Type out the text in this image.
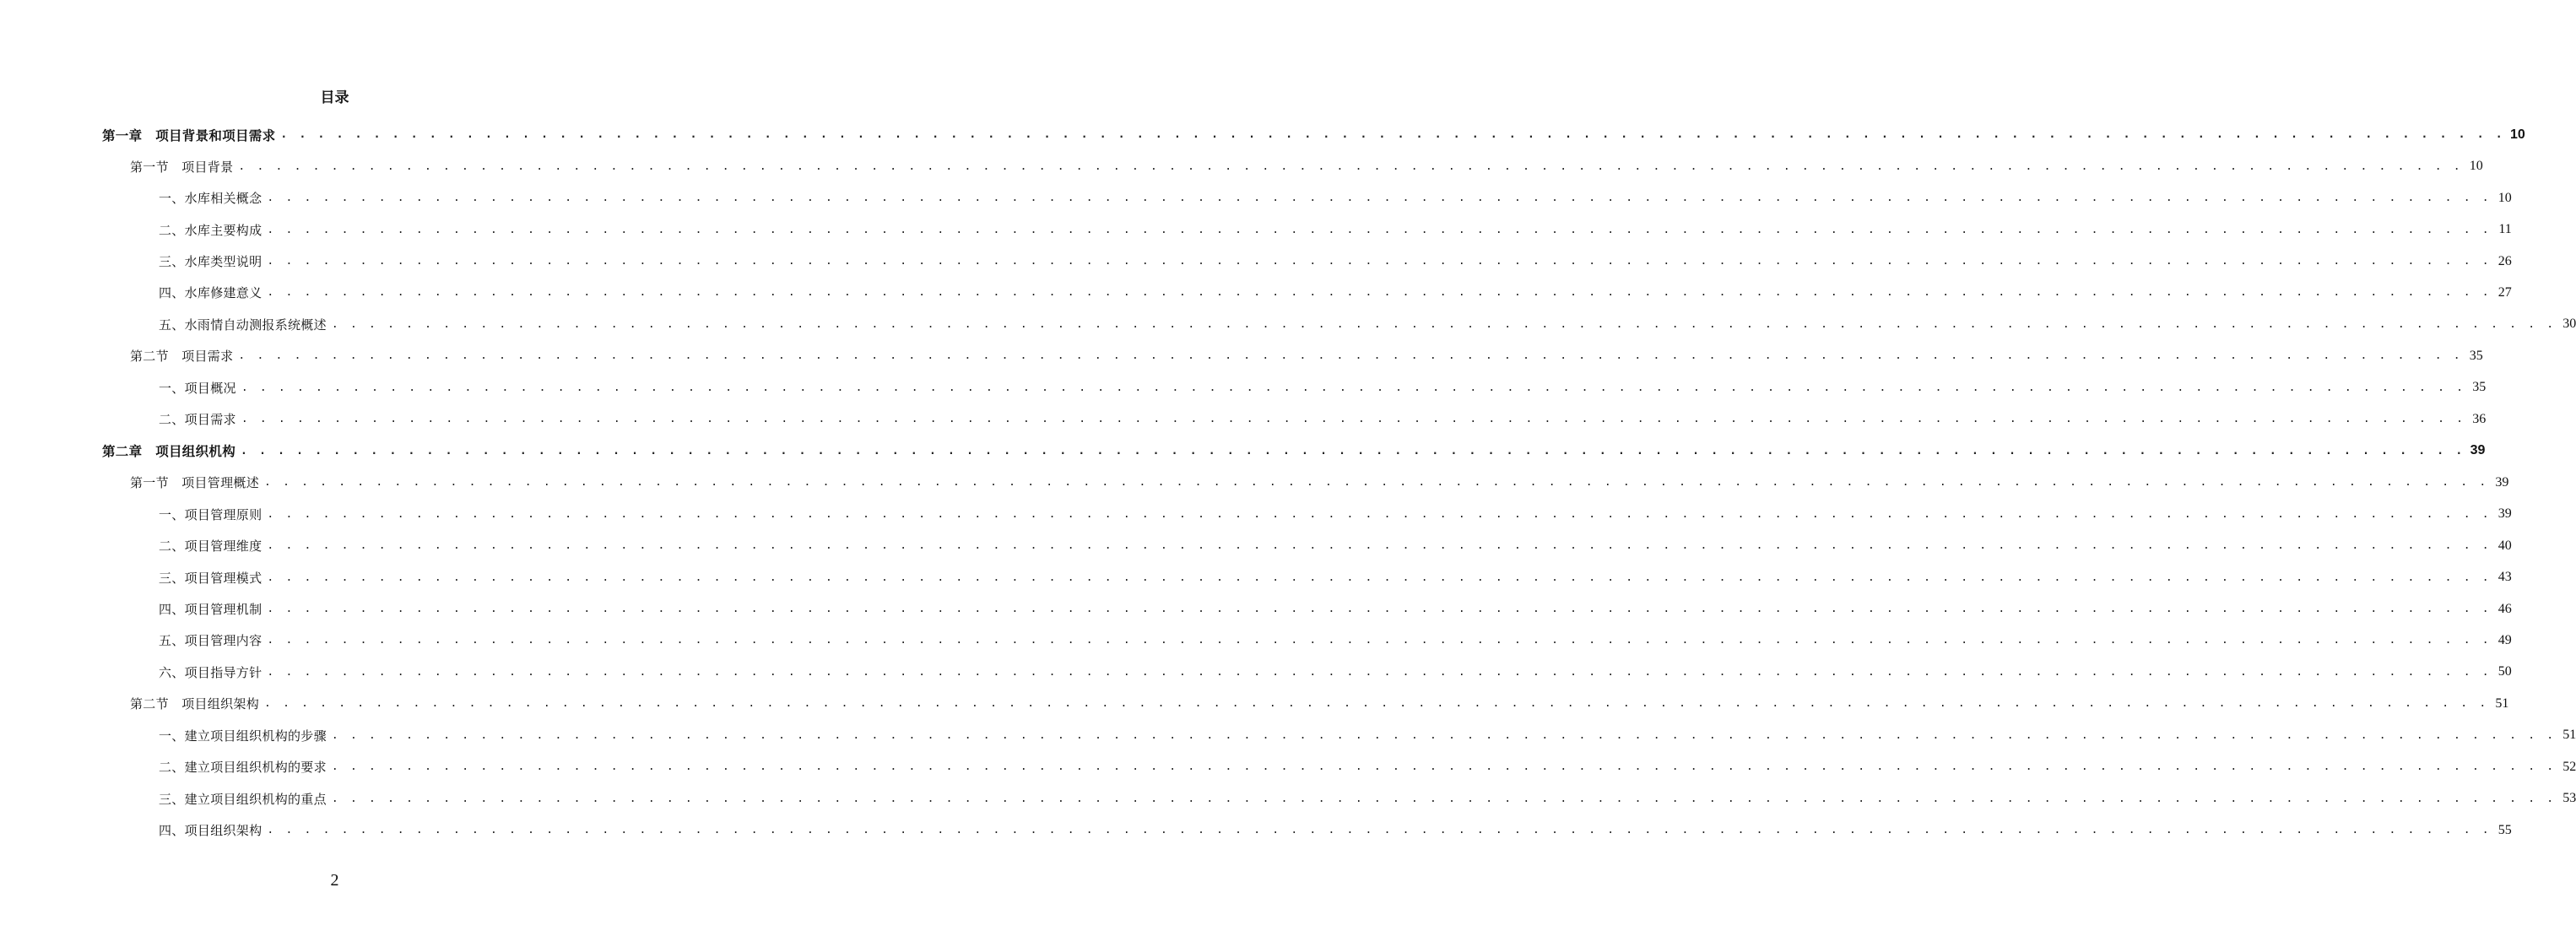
目录
第一章　项目背景和项目需求 . . . . . . . . . . . . . . . . . . . . . . . . . . . . . . . . . . . . . . . . . . . . . . . . . . . . . . . . . . . . . . . . . . . . . . . . . . . . . . . . . . . . . . . . . . . . . . . . . . . . . . . . . . . . . . . . . . . . . . . . 10
第一节　项目背景 . . . . . . . . . . . . . . . . . . . . . . . . . . . . . . . . . . . . . . . . . . . . . . . . . . . . . . . . . . . . . . . . . . . . . . . . . . . . . . . . . . . . . . . . . . . . . . . . . . . . . . . . . . . . . . . . . . . . . . . . 10
一、水库相关概念 . . . . . . . . . . . . . . . . . . . . . . . . . . . . . . . . . . . . . . . . . . . . . . . . . . . . . . . . . . . . . . . . . . . . . . . . . . . . . . . . . . . . . . . . . . . . . . . . . . . . . . . . . . . . . . . . . . . . . . . . 10
二、水库主要构成 . . . . . . . . . . . . . . . . . . . . . . . . . . . . . . . . . . . . . . . . . . . . . . . . . . . . . . . . . . . . . . . . . . . . . . . . . . . . . . . . . . . . . . . . . . . . . . . . . . . . . . . . . . . . . . . . . . . . . . . . 11
三、水库类型说明 . . . . . . . . . . . . . . . . . . . . . . . . . . . . . . . . . . . . . . . . . . . . . . . . . . . . . . . . . . . . . . . . . . . . . . . . . . . . . . . . . . . . . . . . . . . . . . . . . . . . . . . . . . . . . . . . . . . . . . . . 26
四、水库修建意义 . . . . . . . . . . . . . . . . . . . . . . . . . . . . . . . . . . . . . . . . . . . . . . . . . . . . . . . . . . . . . . . . . . . . . . . . . . . . . . . . . . . . . . . . . . . . . . . . . . . . . . . . . . . . . . . . . . . . . . . . 27
五、水雨情自动测报系统概述 . . . . . . . . . . . . . . . . . . . . . . . . . . . . . . . . . . . . . . . . . . . . . . . . . . . . . . . . . . . . . . . . . . . . . . . . . . . . . . . . . . . . . . . . . . . . . . . . . . . . . . . . . . . . . . . . . . . . . . . . 30
第二节　项目需求 . . . . . . . . . . . . . . . . . . . . . . . . . . . . . . . . . . . . . . . . . . . . . . . . . . . . . . . . . . . . . . . . . . . . . . . . . . . . . . . . . . . . . . . . . . . . . . . . . . . . . . . . . . . . . . . . . . . . . . . . 35
一、项目概况 . . . . . . . . . . . . . . . . . . . . . . . . . . . . . . . . . . . . . . . . . . . . . . . . . . . . . . . . . . . . . . . . . . . . . . . . . . . . . . . . . . . . . . . . . . . . . . . . . . . . . . . . . . . . . . . . . . . . . . . . 35
二、项目需求 . . . . . . . . . . . . . . . . . . . . . . . . . . . . . . . . . . . . . . . . . . . . . . . . . . . . . . . . . . . . . . . . . . . . . . . . . . . . . . . . . . . . . . . . . . . . . . . . . . . . . . . . . . . . . . . . . . . . . . . . 36
第二章　项目组织机构 . . . . . . . . . . . . . . . . . . . . . . . . . . . . . . . . . . . . . . . . . . . . . . . . . . . . . . . . . . . . . . . . . . . . . . . . . . . . . . . . . . . . . . . . . . . . . . . . . . . . . . . . . . . . . . . . . . . . . . . . 39
第一节　项目管理概述 . . . . . . . . . . . . . . . . . . . . . . . . . . . . . . . . . . . . . . . . . . . . . . . . . . . . . . . . . . . . . . . . . . . . . . . . . . . . . . . . . . . . . . . . . . . . . . . . . . . . . . . . . . . . . . . . . . . . . . . . 39
一、项目管理原则 . . . . . . . . . . . . . . . . . . . . . . . . . . . . . . . . . . . . . . . . . . . . . . . . . . . . . . . . . . . . . . . . . . . . . . . . . . . . . . . . . . . . . . . . . . . . . . . . . . . . . . . . . . . . . . . . . . . . . . . . 39
二、项目管理维度 . . . . . . . . . . . . . . . . . . . . . . . . . . . . . . . . . . . . . . . . . . . . . . . . . . . . . . . . . . . . . . . . . . . . . . . . . . . . . . . . . . . . . . . . . . . . . . . . . . . . . . . . . . . . . . . . . . . . . . . . 40
三、项目管理模式 . . . . . . . . . . . . . . . . . . . . . . . . . . . . . . . . . . . . . . . . . . . . . . . . . . . . . . . . . . . . . . . . . . . . . . . . . . . . . . . . . . . . . . . . . . . . . . . . . . . . . . . . . . . . . . . . . . . . . . . . 43
四、项目管理机制 . . . . . . . . . . . . . . . . . . . . . . . . . . . . . . . . . . . . . . . . . . . . . . . . . . . . . . . . . . . . . . . . . . . . . . . . . . . . . . . . . . . . . . . . . . . . . . . . . . . . . . . . . . . . . . . . . . . . . . . . 46
五、项目管理内容 . . . . . . . . . . . . . . . . . . . . . . . . . . . . . . . . . . . . . . . . . . . . . . . . . . . . . . . . . . . . . . . . . . . . . . . . . . . . . . . . . . . . . . . . . . . . . . . . . . . . . . . . . . . . . . . . . . . . . . . . 49
六、项目指导方针 . . . . . . . . . . . . . . . . . . . . . . . . . . . . . . . . . . . . . . . . . . . . . . . . . . . . . . . . . . . . . . . . . . . . . . . . . . . . . . . . . . . . . . . . . . . . . . . . . . . . . . . . . . . . . . . . . . . . . . . . 50
第二节　项目组织架构 . . . . . . . . . . . . . . . . . . . . . . . . . . . . . . . . . . . . . . . . . . . . . . . . . . . . . . . . . . . . . . . . . . . . . . . . . . . . . . . . . . . . . . . . . . . . . . . . . . . . . . . . . . . . . . . . . . . . . . . . 51
一、建立项目组织机构的步骤 . . . . . . . . . . . . . . . . . . . . . . . . . . . . . . . . . . . . . . . . . . . . . . . . . . . . . . . . . . . . . . . . . . . . . . . . . . . . . . . . . . . . . . . . . . . . . . . . . . . . . . . . . . . . . . . . . . . . . . . . 51
二、建立项目组织机构的要求 . . . . . . . . . . . . . . . . . . . . . . . . . . . . . . . . . . . . . . . . . . . . . . . . . . . . . . . . . . . . . . . . . . . . . . . . . . . . . . . . . . . . . . . . . . . . . . . . . . . . . . . . . . . . . . . . . . . . . . . . 52
三、建立项目组织机构的重点 . . . . . . . . . . . . . . . . . . . . . . . . . . . . . . . . . . . . . . . . . . . . . . . . . . . . . . . . . . . . . . . . . . . . . . . . . . . . . . . . . . . . . . . . . . . . . . . . . . . . . . . . . . . . . . . . . . . . . . . . 53
四、项目组织架构 . . . . . . . . . . . . . . . . . . . . . . . . . . . . . . . . . . . . . . . . . . . . . . . . . . . . . . . . . . . . . . . . . . . . . . . . . . . . . . . . . . . . . . . . . . . . . . . . . . . . . . . . . . . . . . . . . . . . . . . . 55
2
